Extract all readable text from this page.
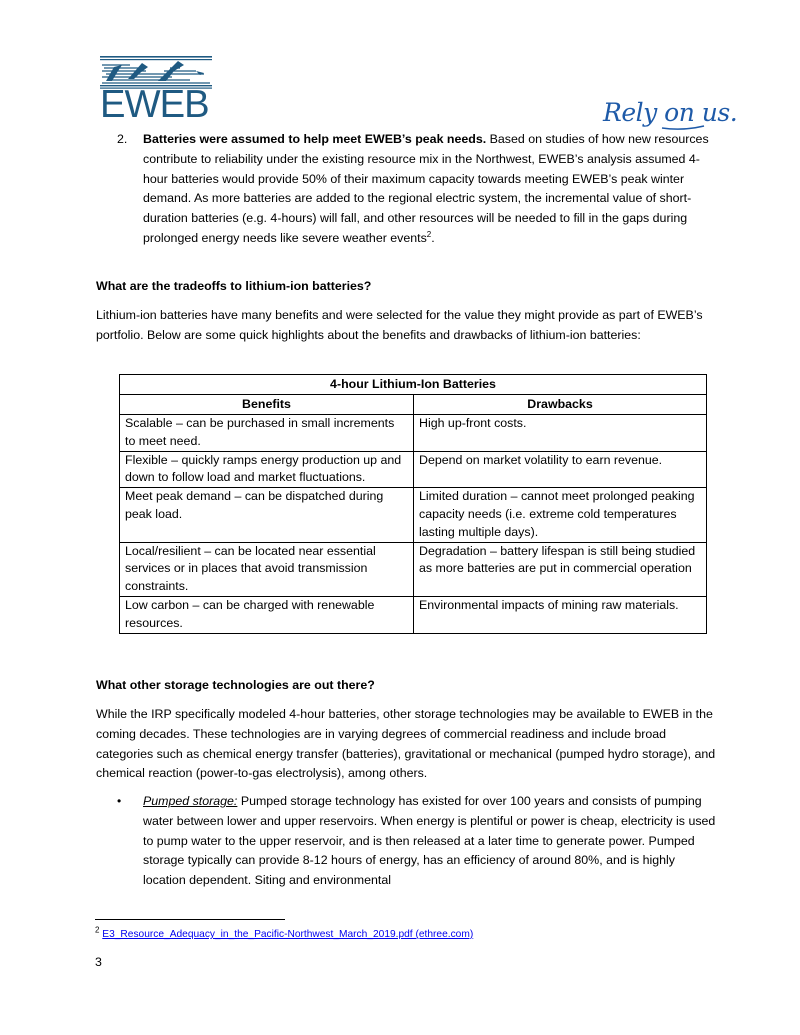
EWEB	Rely on us.
2. Batteries were assumed to help meet EWEB’s peak needs. Based on studies of how new resources contribute to reliability under the existing resource mix in the Northwest, EWEB’s analysis assumed 4-hour batteries would provide 50% of their maximum capacity towards meeting EWEB’s peak winter demand. As more batteries are added to the regional electric system, the incremental value of short-duration batteries (e.g. 4-hours) will fall, and other resources will be needed to fill in the gaps during prolonged energy needs like severe weather events$^2$.
What are the tradeoffs to lithium-ion batteries?
Lithium-ion batteries have many benefits and were selected for the value they might provide as part of EWEB’s portfolio. Below are some quick highlights about the benefits and drawbacks of lithium-ion batteries:
4-hour Lithium-Ion Batteries	
Benefits	Drawbacks
Scalable – can be purchased in small increments to meet need.	High up-front costs.
Flexible – quickly ramps energy production up and down to follow load and market fluctuations.	Depend on market volatility to earn revenue.
Meet peak demand – can be dispatched during peak load.	Limited duration – cannot meet prolonged peaking capacity needs (i.e. extreme cold temperatures lasting multiple days).
Local/resilient – can be located near essential services or in places that avoid transmission constraints.	Degradation – battery lifespan is still being studied as more batteries are put in commercial operation
Low carbon – can be charged with renewable resources.	Environmental impacts of mining raw materials.
What other storage technologies are out there?
While the IRP specifically modeled 4-hour batteries, other storage technologies may be available to EWEB in the coming decades. These technologies are in varying degrees of commercial readiness and include broad categories such as chemical energy transfer (batteries), gravitational or mechanical (pumped hydro storage), and chemical reaction (power-to-gas electrolysis), among others.
• Pumped storage: Pumped storage technology has existed for over 100 years and consists of pumping water between lower and upper reservoirs. When energy is plentiful or power is cheap, electricity is used to pump water to the upper reservoir, and is then released at a later time to generate power. Pumped storage typically can provide 8-12 hours of energy, has an efficiency of around 80%, and is highly location dependent. Siting and environmental
$^2$ E3_Resource_Adequacy_in_the_Pacific-Northwest_March_2019.pdf (ethree.com)
3
